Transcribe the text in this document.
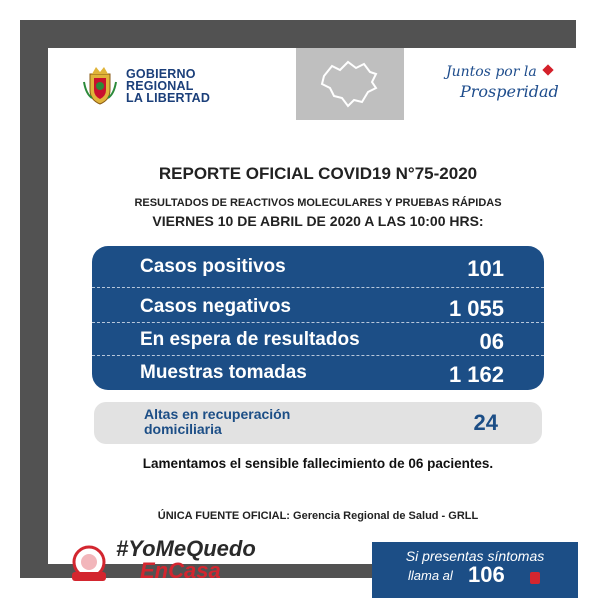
GOBIERNO
REGIONAL
LA LIBERTAD
Juntos por la
Prosperidad
REPORTE OFICIAL COVID19 N°75-2020
RESULTADOS DE REACTIVOS MOLECULARES Y PRUEBAS RÁPIDAS
VIERNES 10 DE ABRIL DE 2020 A LAS 10:00 HRS:
Casos positivos	101
Casos negativos	1 055
En espera de resultados	06
Muestras tomadas	1 162
Altas en recuperación
domiciliaria	24
Lamentamos el sensible fallecimiento de 06 pacientes.
ÚNICA FUENTE OFICIAL: Gerencia Regional de Salud - GRLL
#YoMeQuedo
EnCasa
Si presentas síntomas
llama al 106
